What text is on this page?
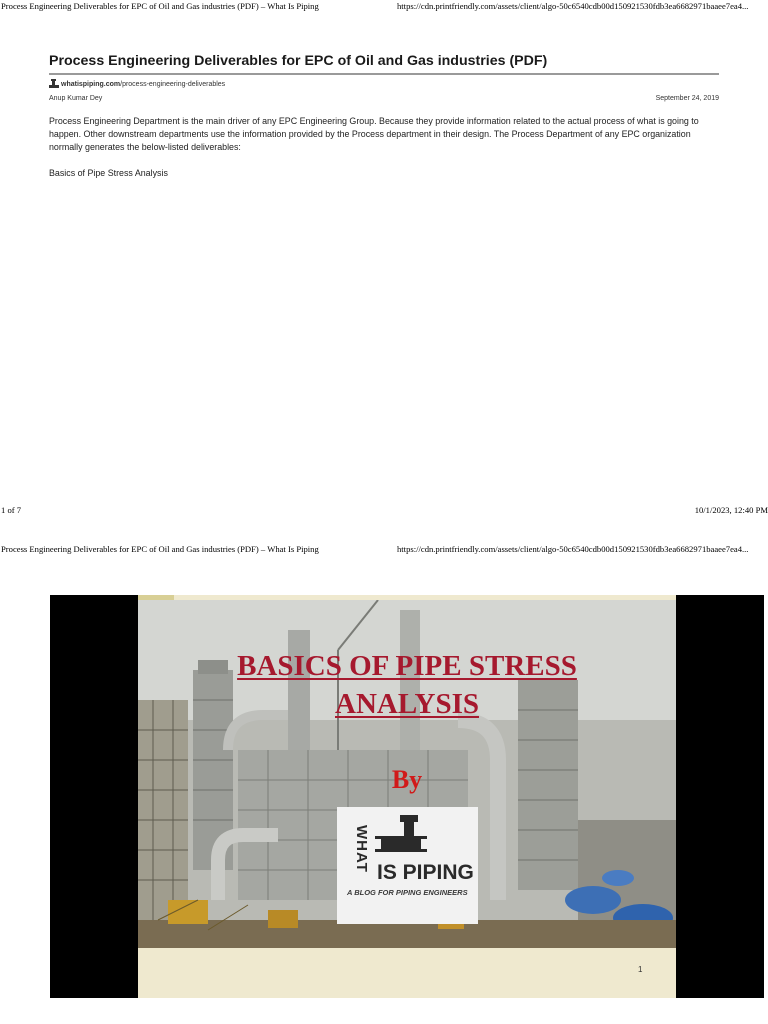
Process Engineering Deliverables for EPC of Oil and Gas industries (PDF) – What Is Piping	https://cdn.printfriendly.com/assets/client/algo-50c6540cdb00d150921530fdb3ea6682971baaee7ea4...
Process Engineering Deliverables for EPC of Oil and Gas industries (PDF)
whatispiping.com /process-engineering-deliverables
Anup Kumar Dey	September 24, 2019

Process Engineering Department is the main driver of any EPC Engineering Group. Because they provide information related to the actual process of what is going to happen. Other downstream departments use the information provided by the Process department in their design. The Process Department of any EPC organization normally generates the below-listed deliverables:

Basics of Pipe Stress Analysis
1 of 7	10/1/2023, 12:40 PM
Process Engineering Deliverables for EPC of Oil and Gas industries (PDF) – What Is Piping	https://cdn.printfriendly.com/assets/client/algo-50c6540cdb00d150921530fdb3ea6682971baaee7ea4...
BASICS OF PIPE STRESS
ANALYSIS
By
WHAT IS PIPING
A BLOG FOR PIPING ENGINEERS
1
